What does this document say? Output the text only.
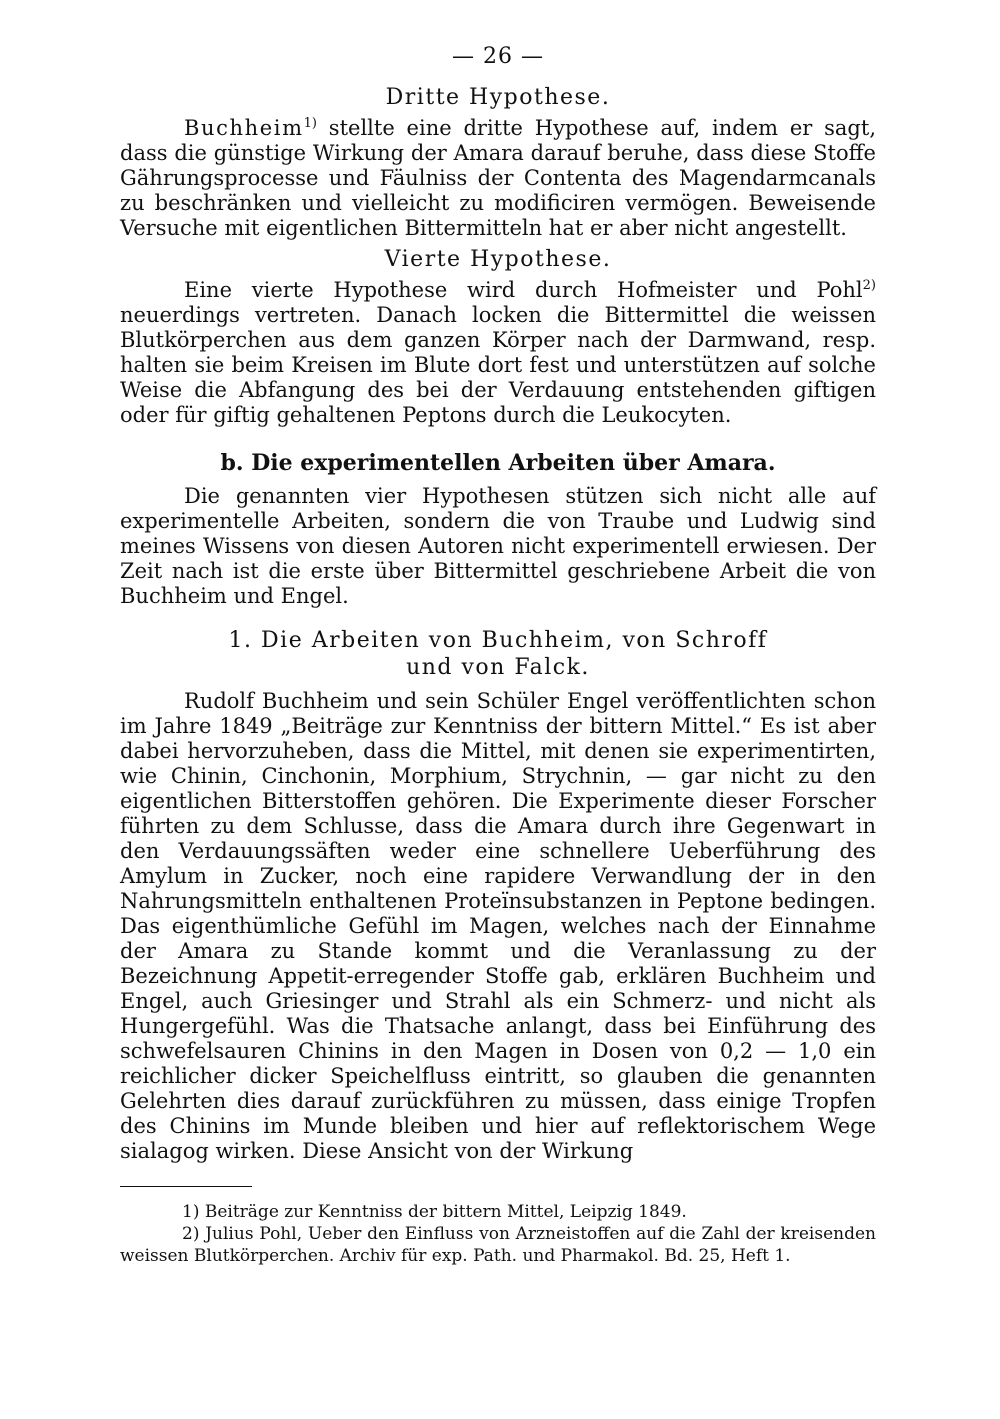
— 26 —
Dritte Hypothese.

Buchheim$^{1)}$ stellte eine dritte Hypothese auf, indem er sagt, dass die günstige Wirkung der Amara darauf beruhe, dass diese Stoffe Gährungsprocesse und Fäulniss der Contenta des Magendarmcanals zu beschränken und vielleicht zu modificiren vermögen. Beweisende Versuche mit eigentlichen Bittermitteln hat er aber nicht angestellt.

Vierte Hypothese.

Eine vierte Hypothese wird durch Hofmeister und Pohl$^{2)}$ neuerdings vertreten. Danach locken die Bittermittel die weissen Blutkörperchen aus dem ganzen Körper nach der Darmwand, resp. halten sie beim Kreisen im Blute dort fest und unterstützen auf solche Weise die Abfangung des bei der Verdauung entstehenden giftigen oder für giftig gehaltenen Peptons durch die Leukocyten.

b. Die experimentellen Arbeiten über Amara.

Die genannten vier Hypothesen stützen sich nicht alle auf experimentelle Arbeiten, sondern die von Traube und Ludwig sind meines Wissens von diesen Autoren nicht experimentell erwiesen. Der Zeit nach ist die erste über Bittermittel geschriebene Arbeit die von Buchheim und Engel.

1. Die Arbeiten von Buchheim, von Schroff
und von Falck.

Rudolf Buchheim und sein Schüler Engel veröffentlichten schon im Jahre 1849 „Beiträge zur Kenntniss der bittern Mittel.“ Es ist aber dabei hervorzuheben, dass die Mittel, mit denen sie experimentirten, wie Chinin, Cinchonin, Morphium, Strychnin, — gar nicht zu den eigentlichen Bitterstoffen gehören. Die Experimente dieser Forscher führten zu dem Schlusse, dass die Amara durch ihre Gegenwart in den Verdauungssäften weder eine schnellere Ueberführung des Amylum in Zucker, noch eine rapidere Verwandlung der in den Nahrungsmitteln enthaltenen Proteïnsubstanzen in Peptone bedingen. Das eigenthümliche Gefühl im Magen, welches nach der Einnahme der Amara zu Stande kommt und die Veranlassung zu der Bezeichnung Appetit-erregender Stoffe gab, erklären Buchheim und Engel, auch Griesinger und Strahl als ein Schmerz- und nicht als Hungergefühl. Was die Thatsache anlangt, dass bei Einführung des schwefelsauren Chinins in den Magen in Dosen von 0,2 — 1,0 ein reichlicher dicker Speichelfluss eintritt, so glauben die genannten Gelehrten dies darauf zurückführen zu müssen, dass einige Tropfen des Chinins im Munde bleiben und hier auf reflektorischem Wege sialagog wirken. Diese Ansicht von der Wirkung

1) Beiträge zur Kenntniss der bittern Mittel, Leipzig 1849.

2) Julius Pohl, Ueber den Einfluss von Arzneistoffen auf die Zahl der kreisenden weissen Blutkörperchen. Archiv für exp. Path. und Pharmakol. Bd. 25, Heft 1.
